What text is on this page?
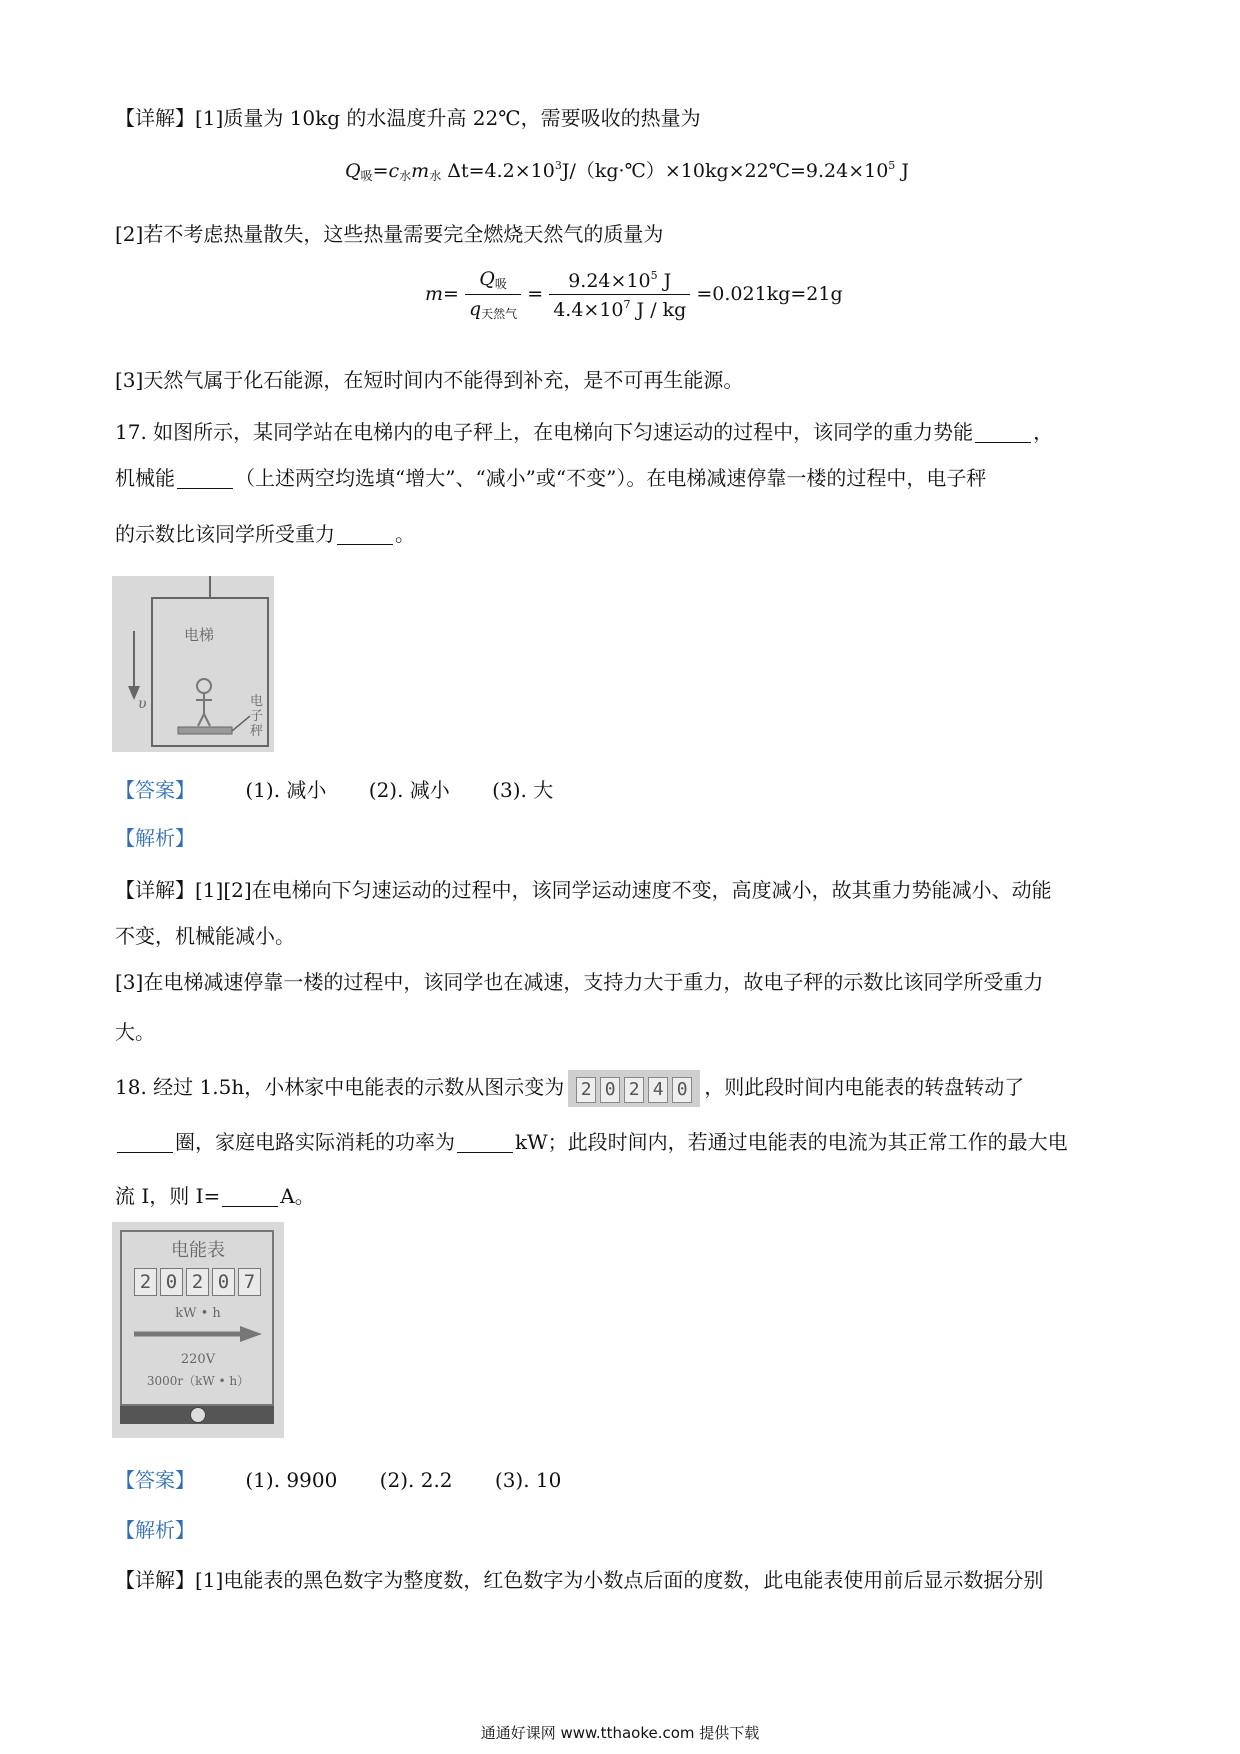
【详解】[1]质量为 10kg 的水温度升高 22℃，需要吸收的热量为
$Q_吸=c_水m_水$ $\Delta t=4.2\times 10^3J/(kg\cdot℃)\times 10kg\times 22℃=9.24\times 10^5$ J
[2]若不考虑热量散失，这些热量需要完全燃烧天然气的质量为
$m= \frac{Q_吸}{q_{天然气}} = \frac{9.24\times 10^5 J}{4.4\times 10^7 J / kg} =0.021kg=21g$
[3]天然气属于化石能源，在短时间内不能得到补充，是不可再生能源。
17. 如图所示，某同学站在电梯内的电子秤上，在电梯向下匀速运动的过程中，该同学的重力势能	，
机械能	（上述两空均选填“增大”、“减小”或“不变”）。在电梯减速停靠一楼的过程中，电子秤
的示数比该同学所受重力	。
电梯
υ	电子秤
【答案】	(1). 减小 (2). 减小 (3). 大
【解析】
【详解】[1][2]在电梯向下匀速运动的过程中，该同学运动速度不变，高度减小，故其重力势能减小、动能
不变，机械能减小。
[3]在电梯减速停靠一楼的过程中，该同学也在减速，支持力大于重力，故电子秤的示数比该同学所受重力
大。
18. 经过 1.5h，小林家中电能表的示数从图示变为 2 0 2 4 0 ，则此段时间内电能表的转盘转动了
圈，家庭电路实际消耗的功率为	kW；此段时间内，若通过电能表的电流为其正常工作的最大电
流 I，则 I=	A。
电能表
2 0 2 0 7
kW • h
220V
3000r（kW • h）
【答案】	(1). 9900 (2). 2.2 (3). 10
【解析】
【详解】[1]电能表的黑色数字为整度数，红色数字为小数点后面的度数，此电能表使用前后显示数据分别
通通好课网 www.tthaoke.com 提供下载
